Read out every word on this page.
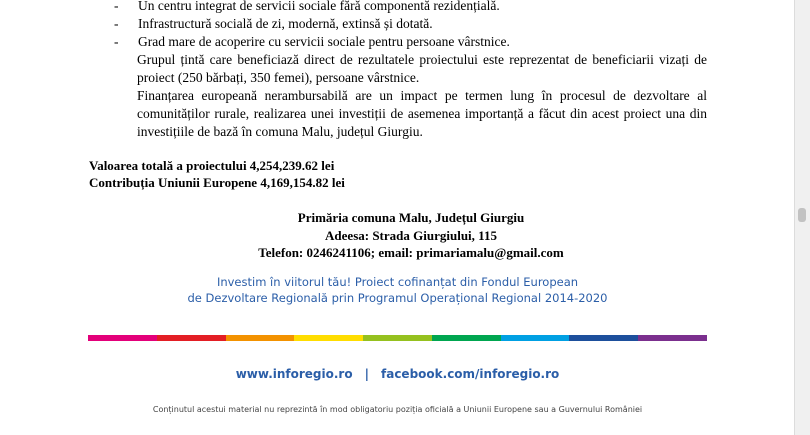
- Un centru integrat de servicii sociale fără componentă rezidențială.
- Infrastructură socială de zi, modernă, extinsă și dotată.
- Grad mare de acoperire cu servicii sociale pentru persoane vârstnice.
Grupul țintă care beneficiază direct de rezultatele proiectului este reprezentat de beneficiarii vizați de proiect (250 bărbați, 350 femei), persoane vârstnice.
Finanțarea europeană nerambursabilă are un impact pe termen lung în procesul de dezvoltare al comunităților rurale, realizarea unei investiții de asemenea importanță a făcut din acest proiect una din investițiile de bază în comuna Malu, județul Giurgiu.
Valoarea totală a proiectului 4,254,239.62 lei
Contribuția Uniunii Europene 4,169,154.82 lei
Primăria comuna Malu, Județul Giurgiu
Adeesa: Strada Giurgiului, 115
Telefon: 0246241106; email: primariamalu@gmail.com
Investim în viitorul tău! Proiect cofinanțat din Fondul European
de Dezvoltare Regională prin Programul Operațional Regional 2014-2020
www.inforegio.ro | facebook.com/inforegio.ro
Conținutul acestui material nu reprezintă în mod obligatoriu poziția oficială a Uniunii Europene sau a Guvernului României
